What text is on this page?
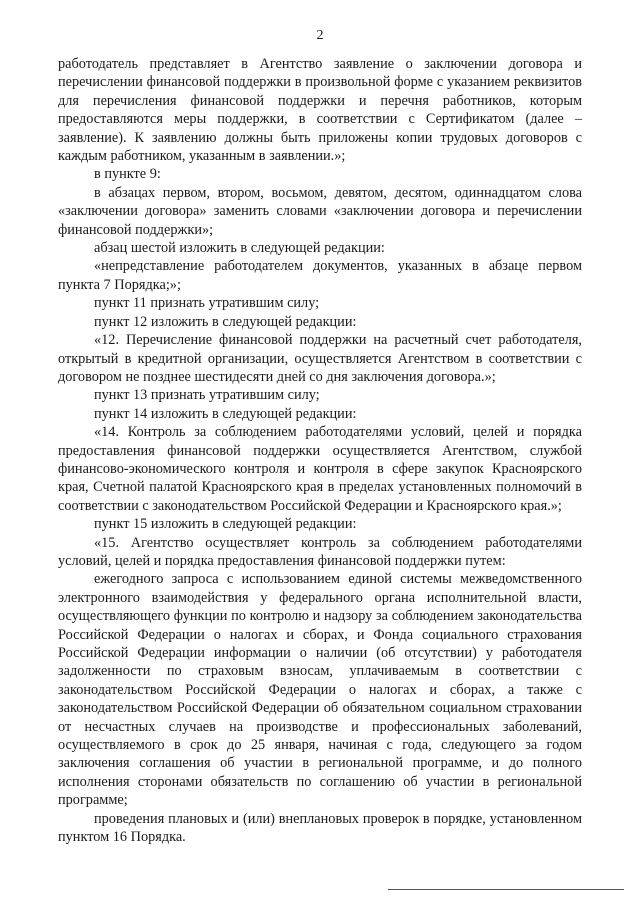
2

работодатель представляет в Агентство заявление о заключении договора и перечислении финансовой поддержки в произвольной форме с указанием реквизитов для перечисления финансовой поддержки и перечня работников, которым предоставляются меры поддержки, в соответствии с Сертификатом (далее – заявление). К заявлению должны быть приложены копии трудовых договоров с каждым работником, указанным в заявлении.»;

в пункте 9:

в абзацах первом, втором, восьмом, девятом, десятом, одиннадцатом слова «заключении договора» заменить словами «заключении договора и перечислении финансовой поддержки»;

абзац шестой изложить в следующей редакции:

«непредставление работодателем документов, указанных в абзаце первом пункта 7 Порядка;»;

пункт 11 признать утратившим силу;

пункт 12 изложить в следующей редакции:

«12. Перечисление финансовой поддержки на расчетный счет работодателя, открытый в кредитной организации, осуществляется Агентством в соответствии с договором не позднее шестидесяти дней со дня заключения договора.»;

пункт 13 признать утратившим силу;

пункт 14 изложить в следующей редакции:

«14. Контроль за соблюдением работодателями условий, целей и порядка предоставления финансовой поддержки осуществляется Агентством, службой финансово-экономического контроля и контроля в сфере закупок Красноярского края, Счетной палатой Красноярского края в пределах установленных полномочий в соответствии с законодательством Российской Федерации и Красноярского края.»;

пункт 15 изложить в следующей редакции:

«15. Агентство осуществляет контроль за соблюдением работодателями условий, целей и порядка предоставления финансовой поддержки путем:

ежегодного запроса с использованием единой системы межведомственного электронного взаимодействия у федерального органа исполнительной власти, осуществляющего функции по контролю и надзору за соблюдением законодательства Российской Федерации о налогах и сборах, и Фонда социального страхования Российской Федерации информации о наличии (об отсутствии) у работодателя задолженности по страховым взносам, уплачиваемым в соответствии с законодательством Российской Федерации о налогах и сборах, а также с законодательством Российской Федерации об обязательном социальном страховании от несчастных случаев на производстве и профессиональных заболеваний, осуществляемого в срок до 25 января, начиная с года, следующего за годом заключения соглашения об участии в региональной программе, и до полного исполнения сторонами обязательств по соглашению об участии в региональной программе;

проведения плановых и (или) внеплановых проверок в порядке, установленном пунктом 16 Порядка.
